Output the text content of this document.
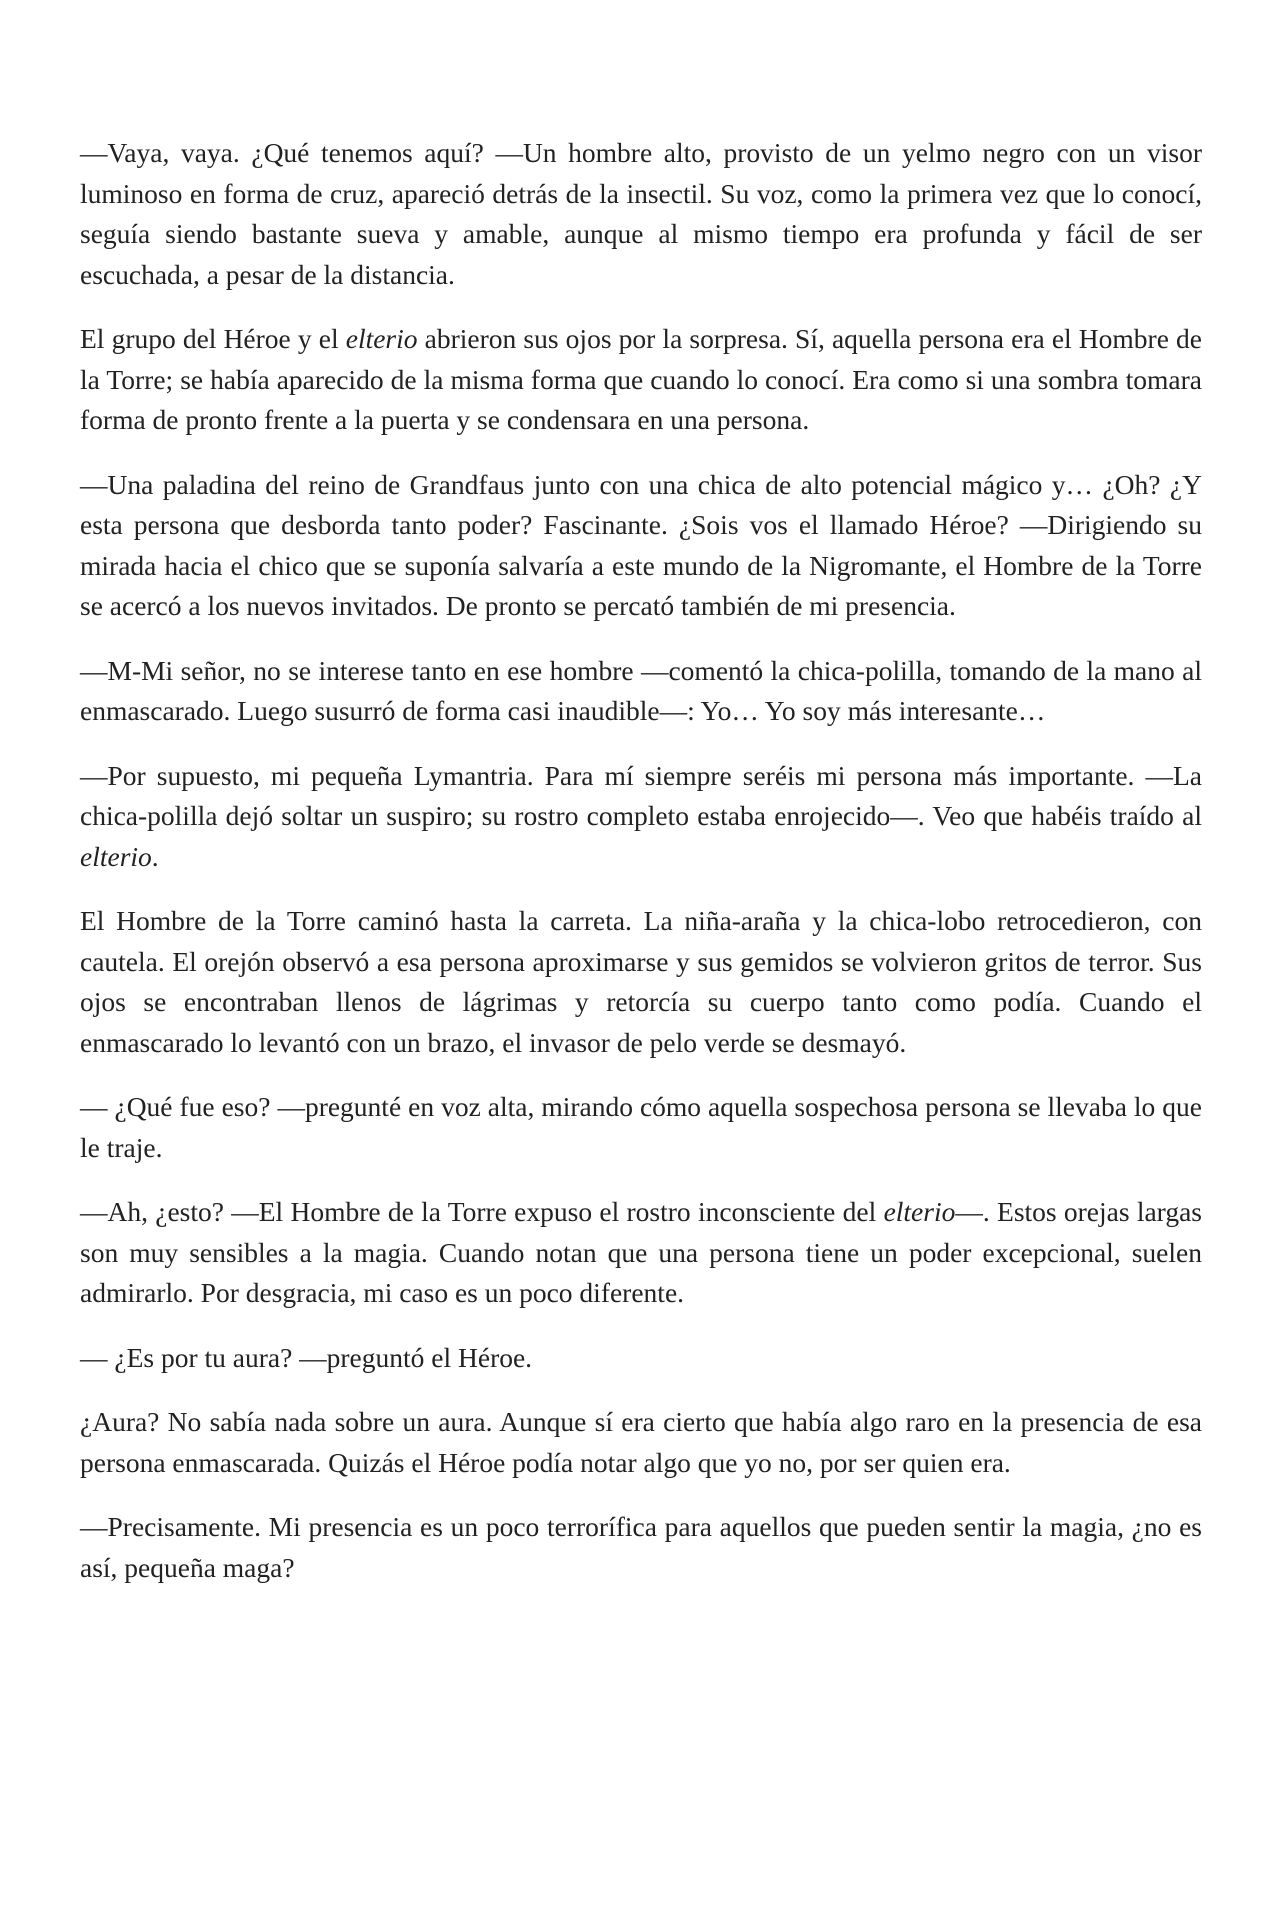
—Vaya, vaya. ¿Qué tenemos aquí? —Un hombre alto, provisto de un yelmo negro con un visor luminoso en forma de cruz, apareció detrás de la insectil. Su voz, como la primera vez que lo conocí, seguía siendo bastante sueva y amable, aunque al mismo tiempo era profunda y fácil de ser escuchada, a pesar de la distancia.

El grupo del Héroe y el elterio abrieron sus ojos por la sorpresa. Sí, aquella persona era el Hombre de la Torre; se había aparecido de la misma forma que cuando lo conocí. Era como si una sombra tomara forma de pronto frente a la puerta y se condensara en una persona.

—Una paladina del reino de Grandfaus junto con una chica de alto potencial mágico y… ¿Oh? ¿Y esta persona que desborda tanto poder? Fascinante. ¿Sois vos el llamado Héroe? —Dirigiendo su mirada hacia el chico que se suponía salvaría a este mundo de la Nigromante, el Hombre de la Torre se acercó a los nuevos invitados. De pronto se percató también de mi presencia.

—M-Mi señor, no se interese tanto en ese hombre —comentó la chica-polilla, tomando de la mano al enmascarado. Luego susurró de forma casi inaudible—: Yo… Yo soy más interesante…

—Por supuesto, mi pequeña Lymantria. Para mí siempre seréis mi persona más importante. —La chica-polilla dejó soltar un suspiro; su rostro completo estaba enrojecido—. Veo que habéis traído al elterio.

El Hombre de la Torre caminó hasta la carreta. La niña-araña y la chica-lobo retrocedieron, con cautela. El orejón observó a esa persona aproximarse y sus gemidos se volvieron gritos de terror. Sus ojos se encontraban llenos de lágrimas y retorcía su cuerpo tanto como podía. Cuando el enmascarado lo levantó con un brazo, el invasor de pelo verde se desmayó.

— ¿Qué fue eso? —pregunté en voz alta, mirando cómo aquella sospechosa persona se llevaba lo que le traje.

—Ah, ¿esto? —El Hombre de la Torre expuso el rostro inconsciente del elterio—. Estos orejas largas son muy sensibles a la magia. Cuando notan que una persona tiene un poder excepcional, suelen admirarlo. Por desgracia, mi caso es un poco diferente.

— ¿Es por tu aura? —preguntó el Héroe.

¿Aura? No sabía nada sobre un aura. Aunque sí era cierto que había algo raro en la presencia de esa persona enmascarada. Quizás el Héroe podía notar algo que yo no, por ser quien era.

—Precisamente. Mi presencia es un poco terrorífica para aquellos que pueden sentir la magia, ¿no es así, pequeña maga?
